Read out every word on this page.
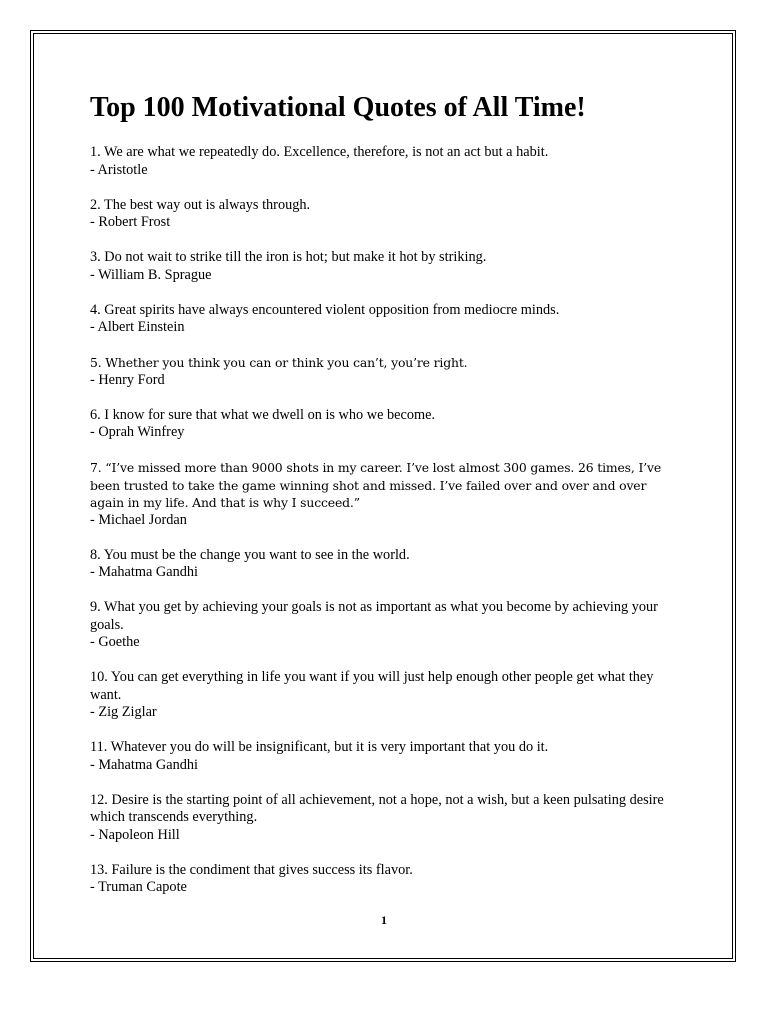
Top 100 Motivational Quotes of All Time!
1. We are what we repeatedly do. Excellence, therefore, is not an act but a habit.
- Aristotle
2. The best way out is always through.
- Robert Frost
3. Do not wait to strike till the iron is hot; but make it hot by striking.
- William B. Sprague
4. Great spirits have always encountered violent opposition from mediocre minds.
- Albert Einstein
5. Whether you think you can or think you can’t, you’re right.
- Henry Ford
6. I know for sure that what we dwell on is who we become.
- Oprah Winfrey
7. “I’ve missed more than 9000 shots in my career. I’ve lost almost 300 games. 26 times, I’ve been trusted to take the game winning shot and missed. I’ve failed over and over and over again in my life. And that is why I succeed.”
- Michael Jordan
8. You must be the change you want to see in the world.
- Mahatma Gandhi
9. What you get by achieving your goals is not as important as what you become by achieving your goals.
- Goethe
10. You can get everything in life you want if you will just help enough other people get what they want.
- Zig Ziglar
11. Whatever you do will be insignificant, but it is very important that you do it.
- Mahatma Gandhi
12. Desire is the starting point of all achievement, not a hope, not a wish, but a keen pulsating desire which transcends everything.
- Napoleon Hill
13. Failure is the condiment that gives success its flavor.
- Truman Capote
1
